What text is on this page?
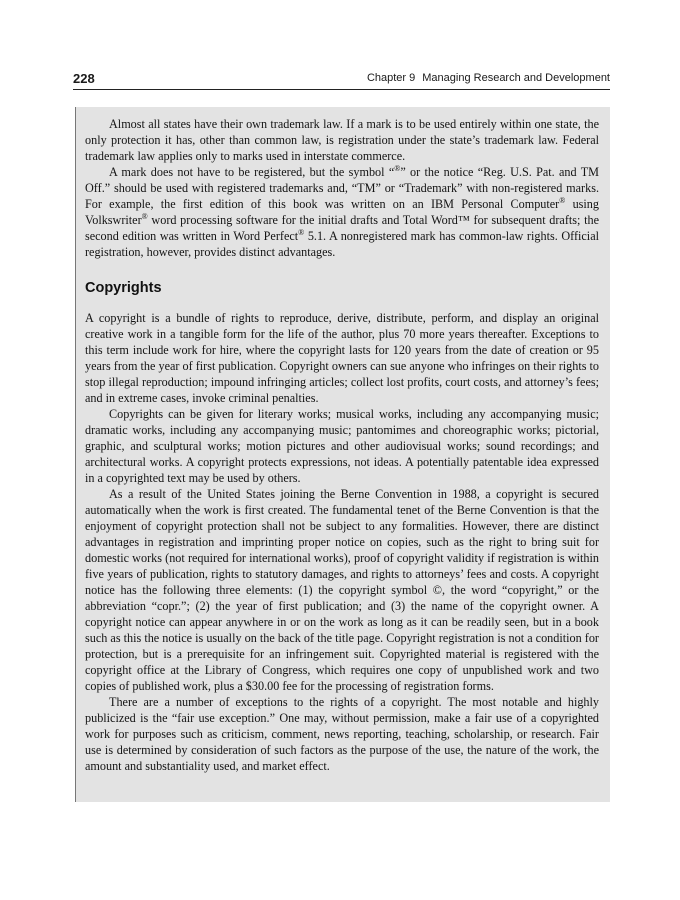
228	Chapter 9 Managing Research and Development

Almost all states have their own trademark law. If a mark is to be used entirely within one state, the only protection it has, other than common law, is registration under the state’s trademark law. Federal trademark law applies only to marks used in interstate commerce.

A mark does not have to be registered, but the symbol “®” or the notice “Reg. U.S. Pat. and TM Off.” should be used with registered trademarks and, “TM” or “Trademark” with non-registered marks. For example, the first edition of this book was written on an IBM Personal Computer® using Volkswriter® word processing software for the initial drafts and Total Word™ for subsequent drafts; the second edition was written in Word Perfect® 5.1. A nonregistered mark has common-law rights. Official registration, however, provides distinct advantages.

Copyrights

A copyright is a bundle of rights to reproduce, derive, distribute, perform, and display an original creative work in a tangible form for the life of the author, plus 70 more years thereafter. Exceptions to this term include work for hire, where the copyright lasts for 120 years from the date of creation or 95 years from the year of first publication. Copyright owners can sue anyone who infringes on their rights to stop illegal reproduction; impound infringing articles; collect lost profits, court costs, and attorney’s fees; and in extreme cases, invoke criminal penalties.

Copyrights can be given for literary works; musical works, including any accompanying music; dramatic works, including any accompanying music; pantomimes and choreographic works; pictorial, graphic, and sculptural works; motion pictures and other audiovisual works; sound recordings; and architectural works. A copyright protects expressions, not ideas. A potentially patentable idea expressed in a copyrighted text may be used by others.

As a result of the United States joining the Berne Convention in 1988, a copyright is secured automatically when the work is first created. The fundamental tenet of the Berne Convention is that the enjoyment of copyright protection shall not be subject to any formalities. However, there are distinct advantages in registration and imprinting proper notice on copies, such as the right to bring suit for domestic works (not required for international works), proof of copyright validity if registration is within five years of publication, rights to statutory damages, and rights to attorneys’ fees and costs. A copyright notice has the following three elements: (1) the copyright symbol ©, the word “copyright,” or the abbreviation “copr.”; (2) the year of first publication; and (3) the name of the copyright owner. A copyright notice can appear anywhere in or on the work as long as it can be readily seen, but in a book such as this the notice is usually on the back of the title page. Copyright registration is not a condition for protection, but is a prerequisite for an infringement suit. Copyrighted material is registered with the copyright office at the Library of Congress, which requires one copy of unpublished work and two copies of published work, plus a $30.00 fee for the processing of registration forms.

There are a number of exceptions to the rights of a copyright. The most notable and highly publicized is the “fair use exception.” One may, without permission, make a fair use of a copyrighted work for purposes such as criticism, comment, news reporting, teaching, scholarship, or research. Fair use is determined by consideration of such factors as the purpose of the use, the nature of the work, the amount and substantiality used, and market effect.
